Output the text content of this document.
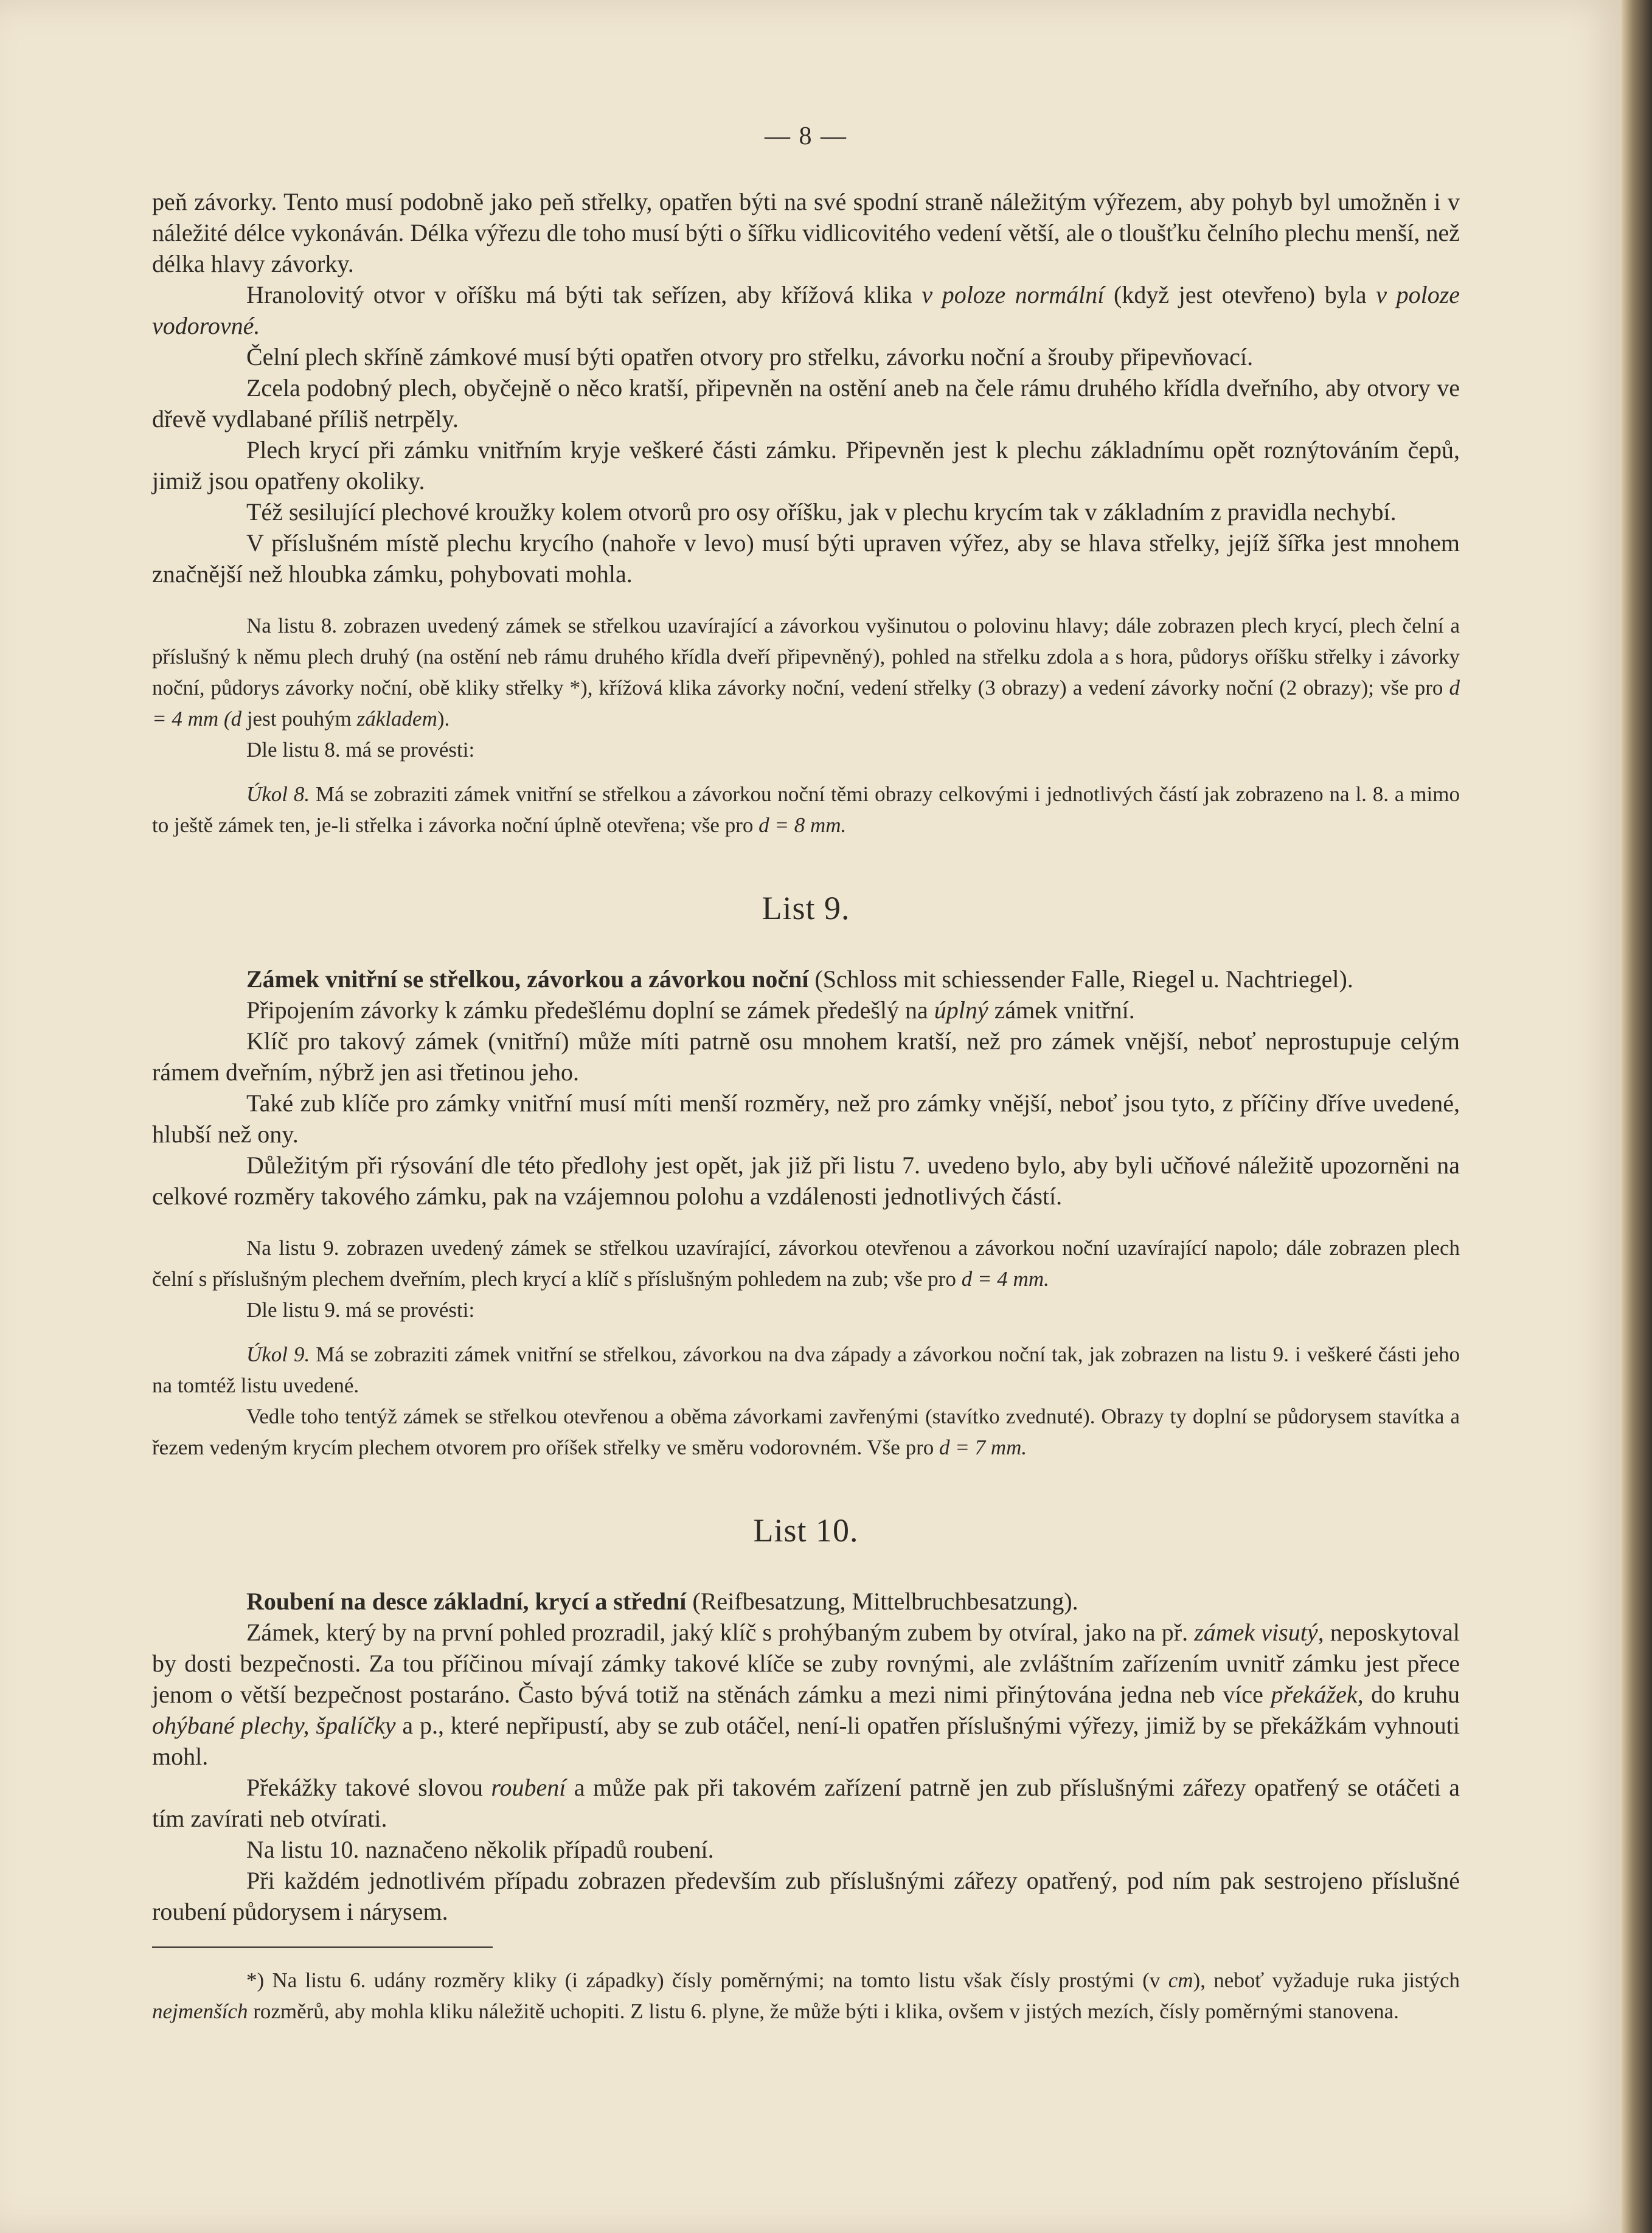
— 8 —

peň závorky. Tento musí podobně jako peň střelky, opatřen býti na své spodní straně náležitým výřezem, aby pohyb byl umožněn i v náležité délce vykonáván. Délka výřezu dle toho musí býti o šířku vidlicovitého vedení větší, ale o tloušťku čelního plechu menší, než délka hlavy závorky.

Hranolovitý otvor v oříšku má býti tak seřízen, aby křížová klika v poloze normální (když jest otevřeno) byla v poloze vodorovné.

Čelní plech skříně zámkové musí býti opatřen otvory pro střelku, závorku noční a šrouby připevňovací.

Zcela podobný plech, obyčejně o něco kratší, připevněn na ostění aneb na čele rámu druhého křídla dveřního, aby otvory ve dřevě vydlabané příliš netrpěly.

Plech krycí při zámku vnitřním kryje veškeré části zámku. Připevněn jest k plechu základnímu opět roznýtováním čepů, jimiž jsou opatřeny okoliky.

Též sesilující plechové kroužky kolem otvorů pro osy oříšku, jak v plechu krycím tak v základním z pravidla nechybí.

V příslušném místě plechu krycího (nahoře v levo) musí býti upraven výřez, aby se hlava střelky, jejíž šířka jest mnohem značnější než hloubka zámku, pohybovati mohla.

Na listu 8. zobrazen uvedený zámek se střelkou uzavírající a závorkou vyšinutou o polovinu hlavy; dále zobrazen plech krycí, plech čelní a příslušný k němu plech druhý (na ostění neb rámu druhého křídla dveří připevněný), pohled na střelku zdola a s hora, půdorys oříšku střelky i závorky noční, půdorys závorky noční, obě kliky střelky *), křížová klika závorky noční, vedení střelky (3 obrazy) a vedení závorky noční (2 obrazy); vše pro d = 4 mm (d jest pouhým základem).

Dle listu 8. má se provésti:

Úkol 8. Má se zobraziti zámek vnitřní se střelkou a závorkou noční těmi obrazy celkovými i jednotlivých částí jak zobrazeno na l. 8. a mimo to ještě zámek ten, je-li střelka i závorka noční úplně otevřena; vše pro d = 8 mm.

List 9.

Zámek vnitřní se střelkou, závorkou a závorkou noční (Schloss mit schiessender Falle, Riegel u. Nachtriegel).

Připojením závorky k zámku předešlému doplní se zámek předešlý na úplný zámek vnitřní.

Klíč pro takový zámek (vnitřní) může míti patrně osu mnohem kratší, než pro zámek vnější, neboť neprostupuje celým rámem dveřním, nýbrž jen asi třetinou jeho.

Také zub klíče pro zámky vnitřní musí míti menší rozměry, než pro zámky vnější, neboť jsou tyto, z příčiny dříve uvedené, hlubší než ony.

Důležitým při rýsování dle této předlohy jest opět, jak již při listu 7. uvedeno bylo, aby byli učňové náležitě upozorněni na celkové rozměry takového zámku, pak na vzájemnou polohu a vzdálenosti jednotlivých částí.

Na listu 9. zobrazen uvedený zámek se střelkou uzavírající, závorkou otevřenou a závorkou noční uzavírající napolo; dále zobrazen plech čelní s příslušným plechem dveřním, plech krycí a klíč s příslušným pohledem na zub; vše pro d = 4 mm.

Dle listu 9. má se provésti:

Úkol 9. Má se zobraziti zámek vnitřní se střelkou, závorkou na dva západy a závorkou noční tak, jak zobrazen na listu 9. i veškeré části jeho na tomtéž listu uvedené.

Vedle toho tentýž zámek se střelkou otevřenou a oběma závorkami zavřenými (stavítko zvednuté). Obrazy ty doplní se půdorysem stavítka a řezem vedeným krycím plechem otvorem pro oříšek střelky ve směru vodorovném. Vše pro d = 7 mm.

List 10.

Roubení na desce základní, krycí a střední (Reifbesatzung, Mittelbruchbesatzung).

Zámek, který by na první pohled prozradil, jaký klíč s prohýbaným zubem by otvíral, jako na př. zámek visutý, neposkytoval by dosti bezpečnosti. Za tou příčinou mívají zámky takové klíče se zuby rovnými, ale zvláštním zařízením uvnitř zámku jest přece jenom o větší bezpečnost postaráno. Často bývá totiž na stěnách zámku a mezi nimi přinýtována jedna neb více překážek, do kruhu ohýbané plechy, špalíčky a p., které nepřipustí, aby se zub otáčel, není-li opatřen příslušnými výřezy, jimiž by se překážkám vyhnouti mohl.

Překážky takové slovou roubení a může pak při takovém zařízení patrně jen zub příslušnými zářezy opatřený se otáčeti a tím zavírati neb otvírati.

Na listu 10. naznačeno několik případů roubení.

Při každém jednotlivém případu zobrazen především zub příslušnými zářezy opatřený, pod ním pak sestrojeno příslušné roubení půdorysem i nárysem.

*) Na listu 6. udány rozměry kliky (i západky) čísly poměrnými; na tomto listu však čísly prostými (v cm), neboť vyžaduje ruka jistých nejmenších rozměrů, aby mohla kliku náležitě uchopiti. Z listu 6. plyne, že může býti i klika, ovšem v jistých mezích, čísly poměrnými stanovena.
